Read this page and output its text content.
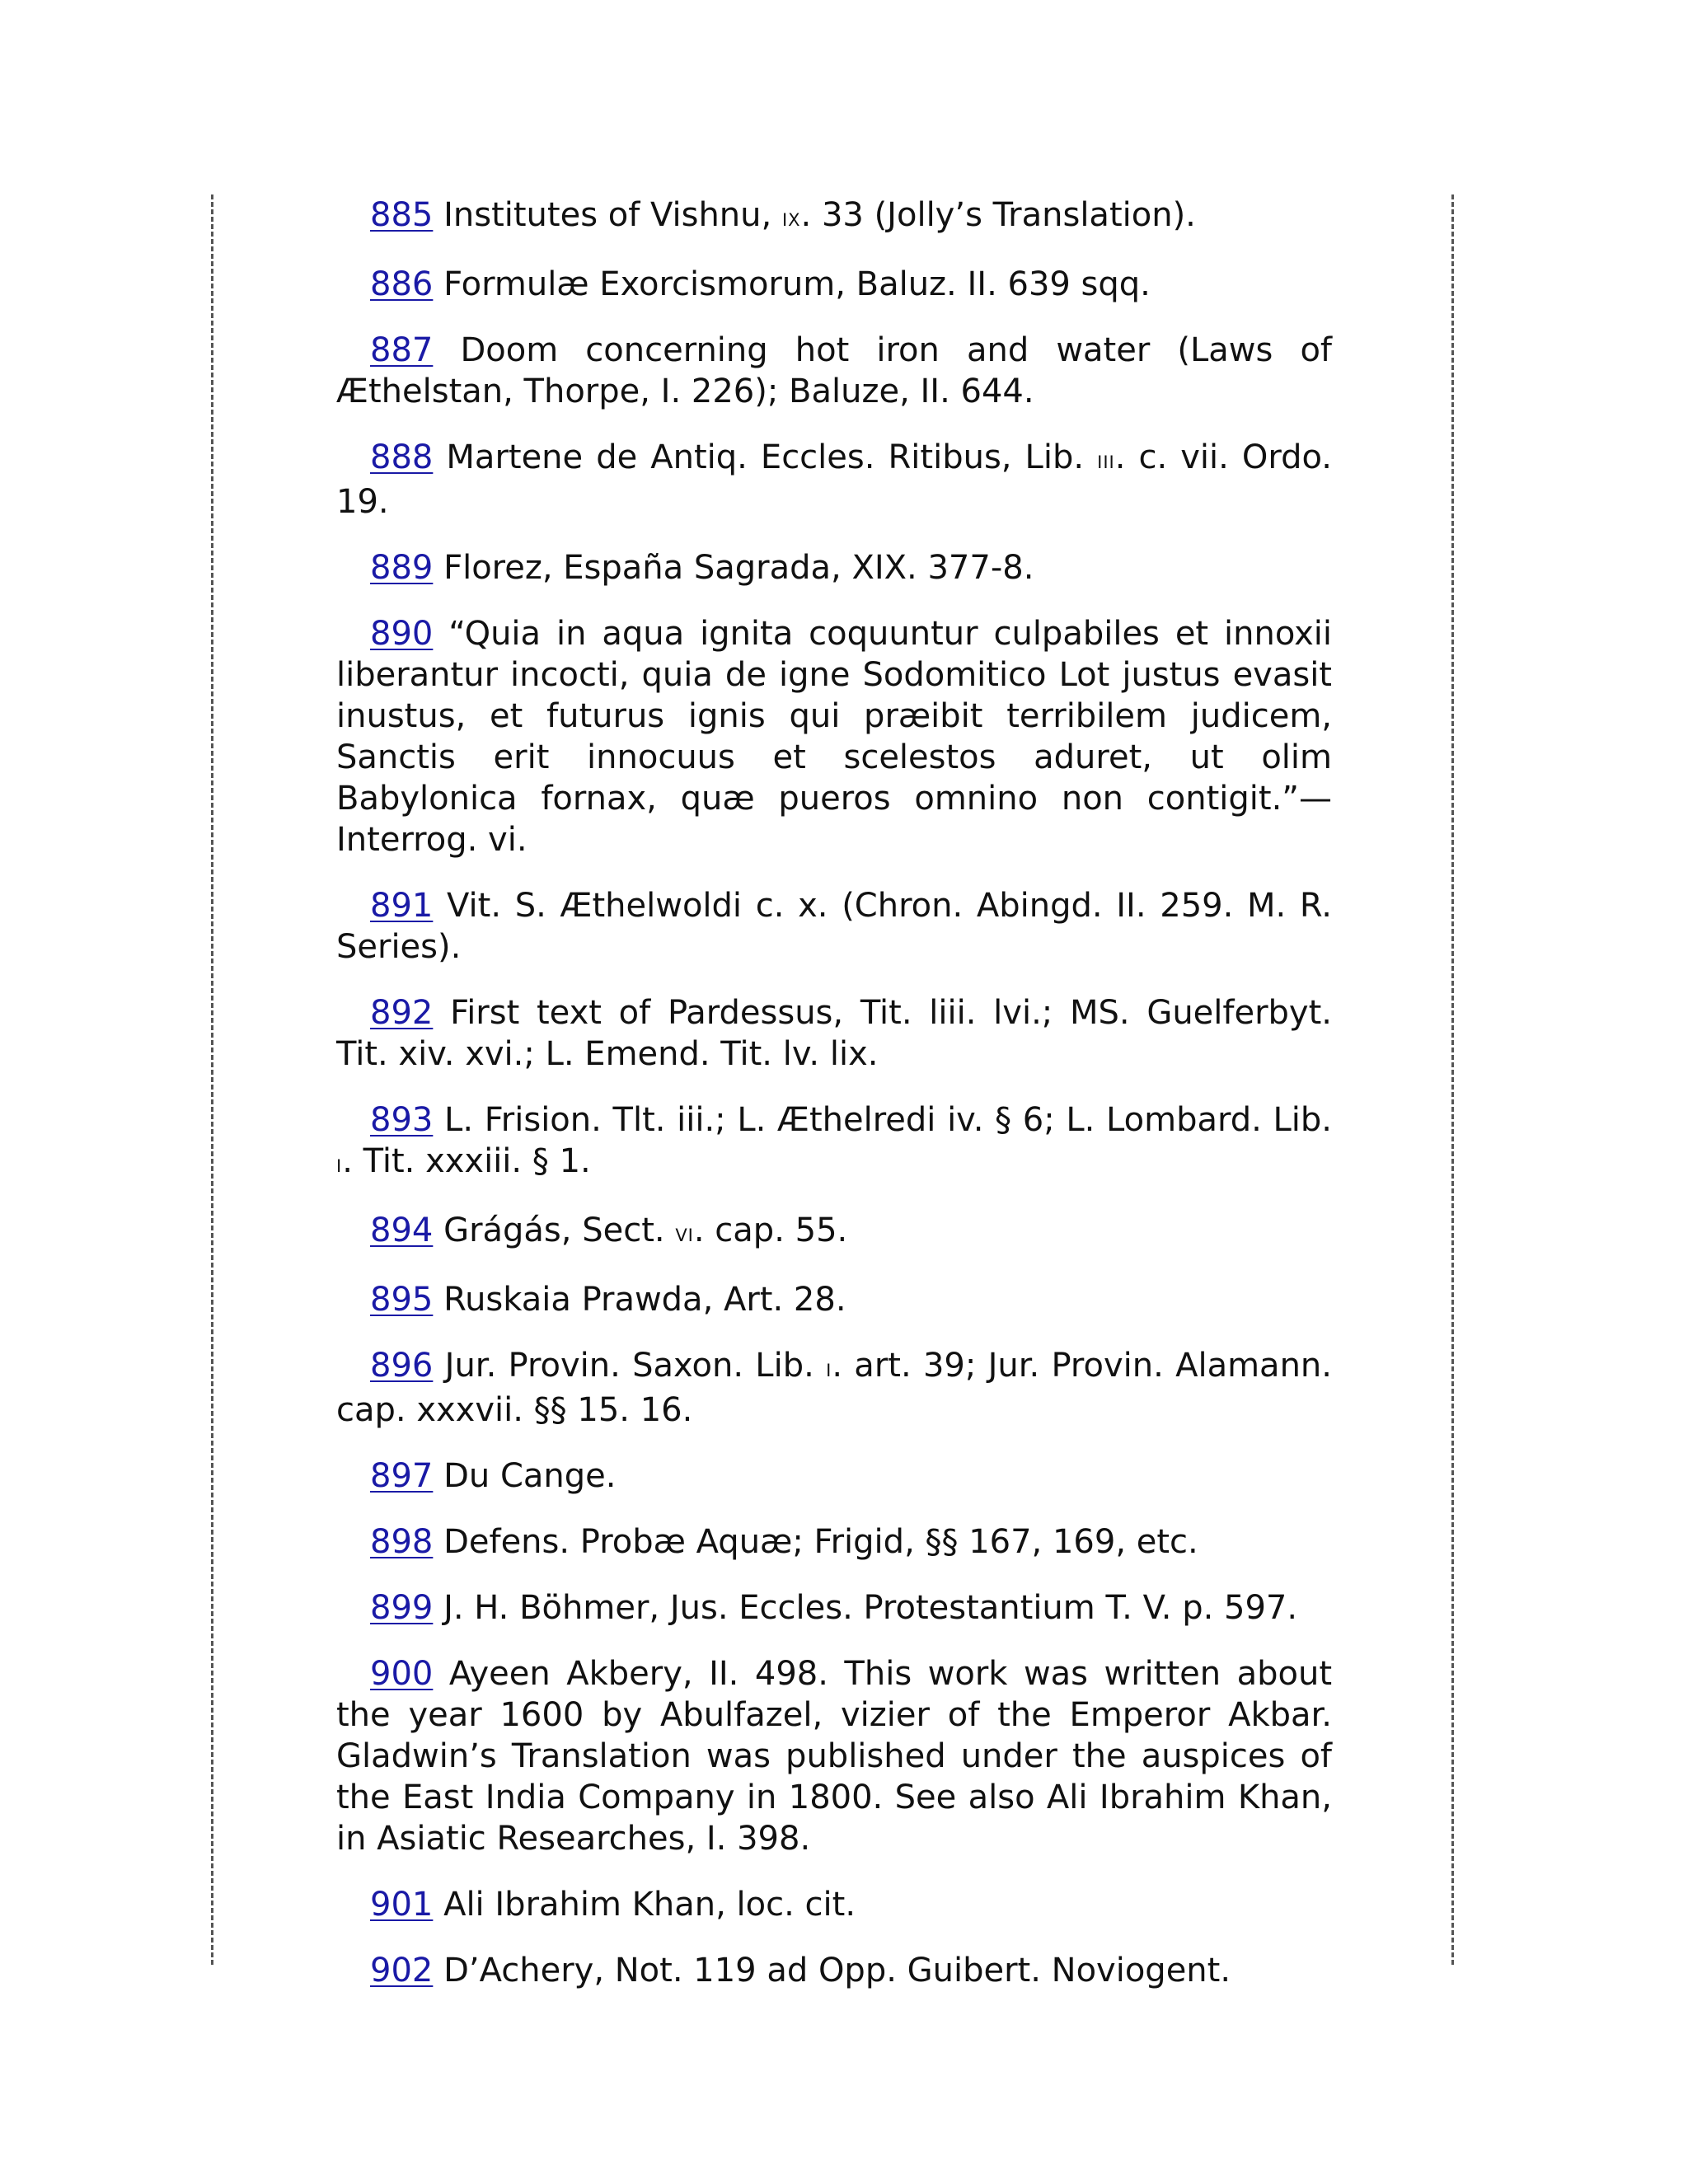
885 Institutes of Vishnu, ix. 33 (Jolly’s Translation).

886 Formulæ Exorcismorum, Baluz. II. 639 sqq.

887 Doom concerning hot iron and water (Laws of Æthelstan, Thorpe, I. 226); Baluze, II. 644.

888 Martene de Antiq. Eccles. Ritibus, Lib. iii. c. vii. Ordo. 19.

889 Florez, España Sagrada, XIX. 377-8.

890 “Quia in aqua ignita coquuntur culpabiles et innoxii liberantur incocti, quia de igne Sodomitico Lot justus evasit inustus, et futurus ignis qui præibit terribilem judicem, Sanctis erit innocuus et scelestos aduret, ut olim Babylonica fornax, quæ pueros omnino non contigit.”—Interrog. vi.

891 Vit. S. Æthelwoldi c. x. (Chron. Abingd. II. 259. M. R. Series).

892 First text of Pardessus, Tit. liii. lvi.; MS. Guelferbyt. Tit. xiv. xvi.; L. Emend. Tit. lv. lix.

893 L. Frision. Tlt. iii.; L. Æthelredi iv. § 6; L. Lombard. Lib. i. Tit. xxxiii. § 1.

894 Grágás, Sect. vi. cap. 55.

895 Ruskaia Prawda, Art. 28.

896 Jur. Provin. Saxon. Lib. i. art. 39; Jur. Provin. Alamann. cap. xxxvii. §§ 15. 16.

897 Du Cange.

898 Defens. Probæ Aquæ; Frigid, §§ 167, 169, etc.

899 J. H. Böhmer, Jus. Eccles. Protestantium T. V. p. 597.

900 Ayeen Akbery, II. 498. This work was written about the year 1600 by Abulfazel, vizier of the Emperor Akbar. Gladwin’s Translation was published under the auspices of the East India Company in 1800. See also Ali Ibrahim Khan, in Asiatic Researches, I. 398.

901 Ali Ibrahim Khan, loc. cit.

902 D’Achery, Not. 119 ad Opp. Guibert. Noviogent.
